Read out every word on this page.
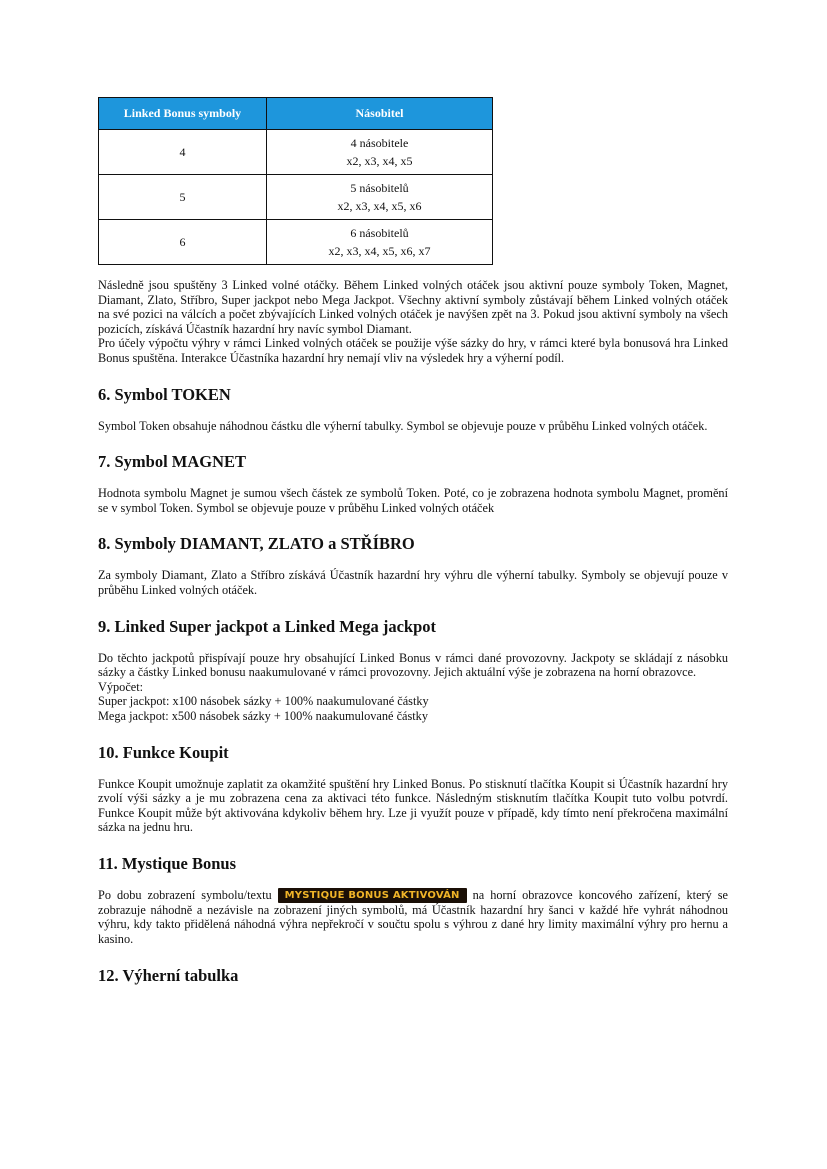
Linked Bonus symboly	Násobitel
4	4 násobitele
x2, x3, x4, x5

5	5 násobitelů
x2, x3, x4, x5, x6

6	6 násobitelů
x2, x3, x4, x5, x6, x7

Následně jsou spuštěny 3 Linked volné otáčky. Během Linked volných otáček jsou aktivní pouze symboly Token, Magnet, Diamant, Zlato, Stříbro, Super jackpot nebo Mega Jackpot. Všechny aktivní symboly zůstávají během Linked volných otáček na své pozici na válcích a počet zbývajících Linked volných otáček je navýšen zpět na 3. Pokud jsou aktivní symboly na všech pozicích, získává Účastník hazardní hry navíc symbol Diamant.

Pro účely výpočtu výhry v rámci Linked volných otáček se použije výše sázky do hry, v rámci které byla bonusová hra Linked Bonus spuštěna. Interakce Účastníka hazardní hry nemají vliv na výsledek hry a výherní podíl.

6. Symbol TOKEN

Symbol Token obsahuje náhodnou částku dle výherní tabulky. Symbol se objevuje pouze v průběhu Linked volných otáček.

7. Symbol MAGNET

Hodnota symbolu Magnet je sumou všech částek ze symbolů Token. Poté, co je zobrazena hodnota symbolu Magnet, promění se v symbol Token. Symbol se objevuje pouze v průběhu Linked volných otáček

8. Symboly DIAMANT, ZLATO a STŘÍBRO

Za symboly Diamant, Zlato a Stříbro získává Účastník hazardní hry výhru dle výherní tabulky. Symboly se objevují pouze v průběhu Linked volných otáček.

9. Linked Super jackpot a Linked Mega jackpot

Do těchto jackpotů přispívají pouze hry obsahující Linked Bonus v rámci dané provozovny. Jackpoty se skládají z násobku sázky a částky Linked bonusu naakumulované v rámci provozovny. Jejich aktuální výše je zobrazena na horní obrazovce.

Výpočet:

Super jackpot: x100 násobek sázky + 100% naakumulované částky

Mega jackpot: x500 násobek sázky + 100% naakumulované částky

10. Funkce Koupit

Funkce Koupit umožnuje zaplatit za okamžité spuštění hry Linked Bonus. Po stisknutí tlačítka Koupit si Účastník hazardní hry zvolí výši sázky a je mu zobrazena cena za aktivaci této funkce. Následným stisknutím tlačítka Koupit tuto volbu potvrdí. Funkce Koupit může být aktivována kdykoliv během hry. Lze ji využít pouze v případě, kdy tímto není překročena maximální sázka na jednu hru.

11. Mystique Bonus

Po dobu zobrazení symbolu/textu MYSTIQUE BONUS AKTIVOVÁN na horní obrazovce koncového zařízení, který se zobrazuje náhodně a nezávisle na zobrazení jiných symbolů, má Účastník hazardní hry šanci v každé hře vyhrát náhodnou výhru, kdy takto přidělená náhodná výhra nepřekročí v součtu spolu s výhrou z dané hry limity maximální výhry pro hernu a kasino.

12. Výherní tabulka
